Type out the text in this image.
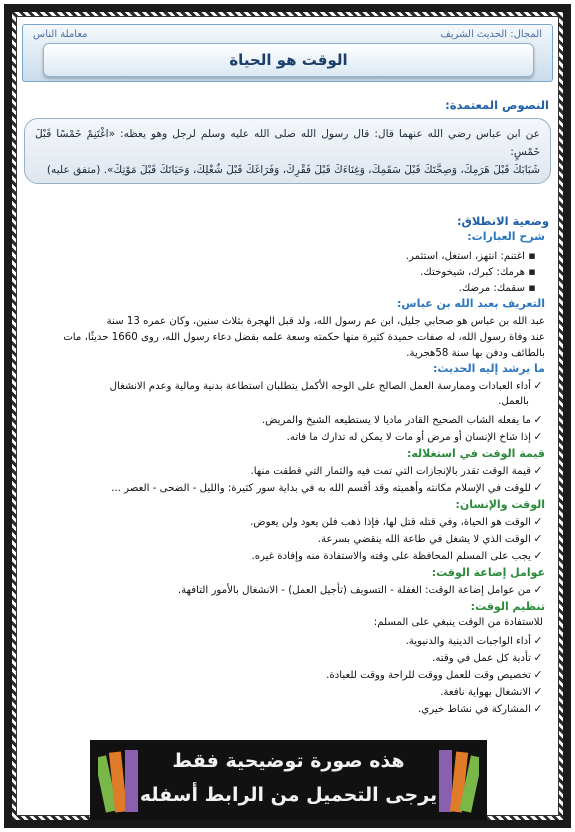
المجال: الحديث الشريف
معاملة الناس
الوقت هو الحياة
النصوص المعتمدة:

عن ابن عباس رضي الله عنهما قال: قال رسول الله صلى الله عليه وسلم لرجل وهو يعظه: «اغْتَنِمْ خَمْسًا قَبْلَ خَمْسٍ:

شَبَابَكَ قَبْلَ هَرَمِكَ، وَصِحَّتَكَ قَبْلَ سَقَمِكَ، وَغِنَاءَكَ قَبْلَ فَقْرِكَ، وَفَرَاغَكَ قَبْلَ شُغْلِكَ، وَحَيَاتَكَ قَبْلَ مَوْتِكَ». (متفق عليه)

وضعية الانطلاق:
شرح العبارات:
▪اغتنم: انتهز، استغل، استثمر.
▪هرمك: كبرك، شيخوختك.
▪سقمك: مرضك.
التعريف بعبد الله بن عباس:
عبد الله بن عباس هو صحابي جليل، ابن عم رسول الله، ولد قبل الهجرة بثلاث سنين، وكان عمره 13 سنة
عند وفاة رسول الله، له صفات حميدة كثيرة منها حكمته وسعة علمه بفضل دعاء رسول الله، روى 1660 حديثًا، مات
بالطائف ودفن بها سنة 58هجرية.
ما يرشد إليه الحديث:
✓أداء العبادات وممارسة العمل الصالح على الوجه الأكمل يتطلبان استطاعة بدنية ومالية وعدم الانشغال
بالعمل.
✓ما يفعله الشاب الصحيح القادر ماديا لا يستطيعه الشيخ والمريض.
✓إذا شاخ الإنسان أو مرض أو مات لا يمكن له تدارك ما فاته.
قيمة الوقت في استغلاله:
✓قيمة الوقت تقدر بالإنجازات التي تمت فيه والثمار التي قطفت منها.
✓للوقت في الإسلام مكانته وأهميته وقد أقسم الله به في بداية سور كثيرة: والليل - الضحى - العصر ...
الوقت والإنسان:
✓الوقت هو الحياة، وفي قتله قتل لها، فإذا ذهب فلن يعود ولن يعوض.
✓الوقت الذي لا يشغل في طاعة الله ينقضي بسرعة.
✓يجب على المسلم المحافظة على وقته والاستفادة منه وإفادة غيره.
عوامل إضاعة الوقت:
✓من عوامل إضاعة الوقت: الغفلة - التسويف (تأجيل العمل) - الانشغال بالأمور التافهة.
تنظيم الوقت:
للاستفادة من الوقت ينبغي على المسلم:
✓أداء الواجبات الدينية والدنيوية.
✓تأدية كل عمل في وقته.
✓تخصيص وقت للعمل ووقت للراحة ووقت للعبادة.
✓الانشغال بهواية نافعة.
✓المشاركة في نشاط خيري.
هذه صورة توضيحية فقط
يرجى التحميل من الرابط أسفله
